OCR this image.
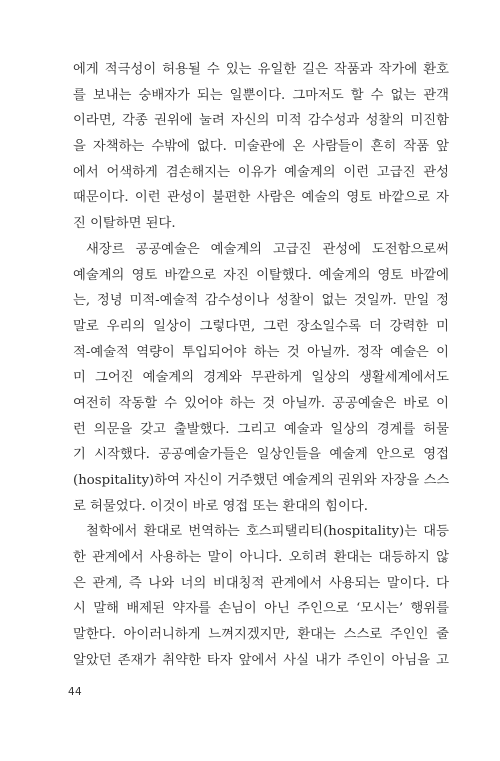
에게 적극성이 허용될 수 있는 유일한 길은 작품과 작가에 환호
를 보내는 숭배자가 되는 일뿐이다. 그마저도 할 수 없는 관객
이라면, 각종 권위에 눌려 자신의 미적 감수성과 성찰의 미진함
을 자책하는 수밖에 없다. 미술관에 온 사람들이 흔히 작품 앞
에서 어색하게 겸손해지는 이유가 예술계의 이런 고급진 관성
때문이다. 이런 관성이 불편한 사람은 예술의 영토 바깥으로 자
진 이탈하면 된다.
새장르 공공예술은 예술계의 고급진 관성에 도전함으로써
예술계의 영토 바깥으로 자진 이탈했다. 예술계의 영토 바깥에
는, 정녕 미적-예술적 감수성이나 성찰이 없는 것일까. 만일 정
말로 우리의 일상이 그렇다면, 그런 장소일수록 더 강력한 미
적-예술적 역량이 투입되어야 하는 것 아닐까. 정작 예술은 이
미 그어진 예술계의 경계와 무관하게 일상의 생활세계에서도
여전히 작동할 수 있어야 하는 것 아닐까. 공공예술은 바로 이
런 의문을 갖고 출발했다. 그리고 예술과 일상의 경계를 허물
기 시작했다. 공공예술가들은 일상인들을 예술계 안으로 영접
(hospitality)하여 자신이 거주했던 예술계의 권위와 자장을 스스
로 허물었다. 이것이 바로 영접 또는 환대의 힘이다.
철학에서 환대로 번역하는 호스피탤리티(hospitality)는 대등
한 관계에서 사용하는 말이 아니다. 오히려 환대는 대등하지 않
은 관계, 즉 나와 너의 비대칭적 관계에서 사용되는 말이다. 다
시 말해 배제된 약자를 손님이 아닌 주인으로 ‘모시는’ 행위를
말한다. 아이러니하게 느껴지겠지만, 환대는 스스로 주인인 줄
알았던 존재가 취약한 타자 앞에서 사실 내가 주인이 아님을 고
44
